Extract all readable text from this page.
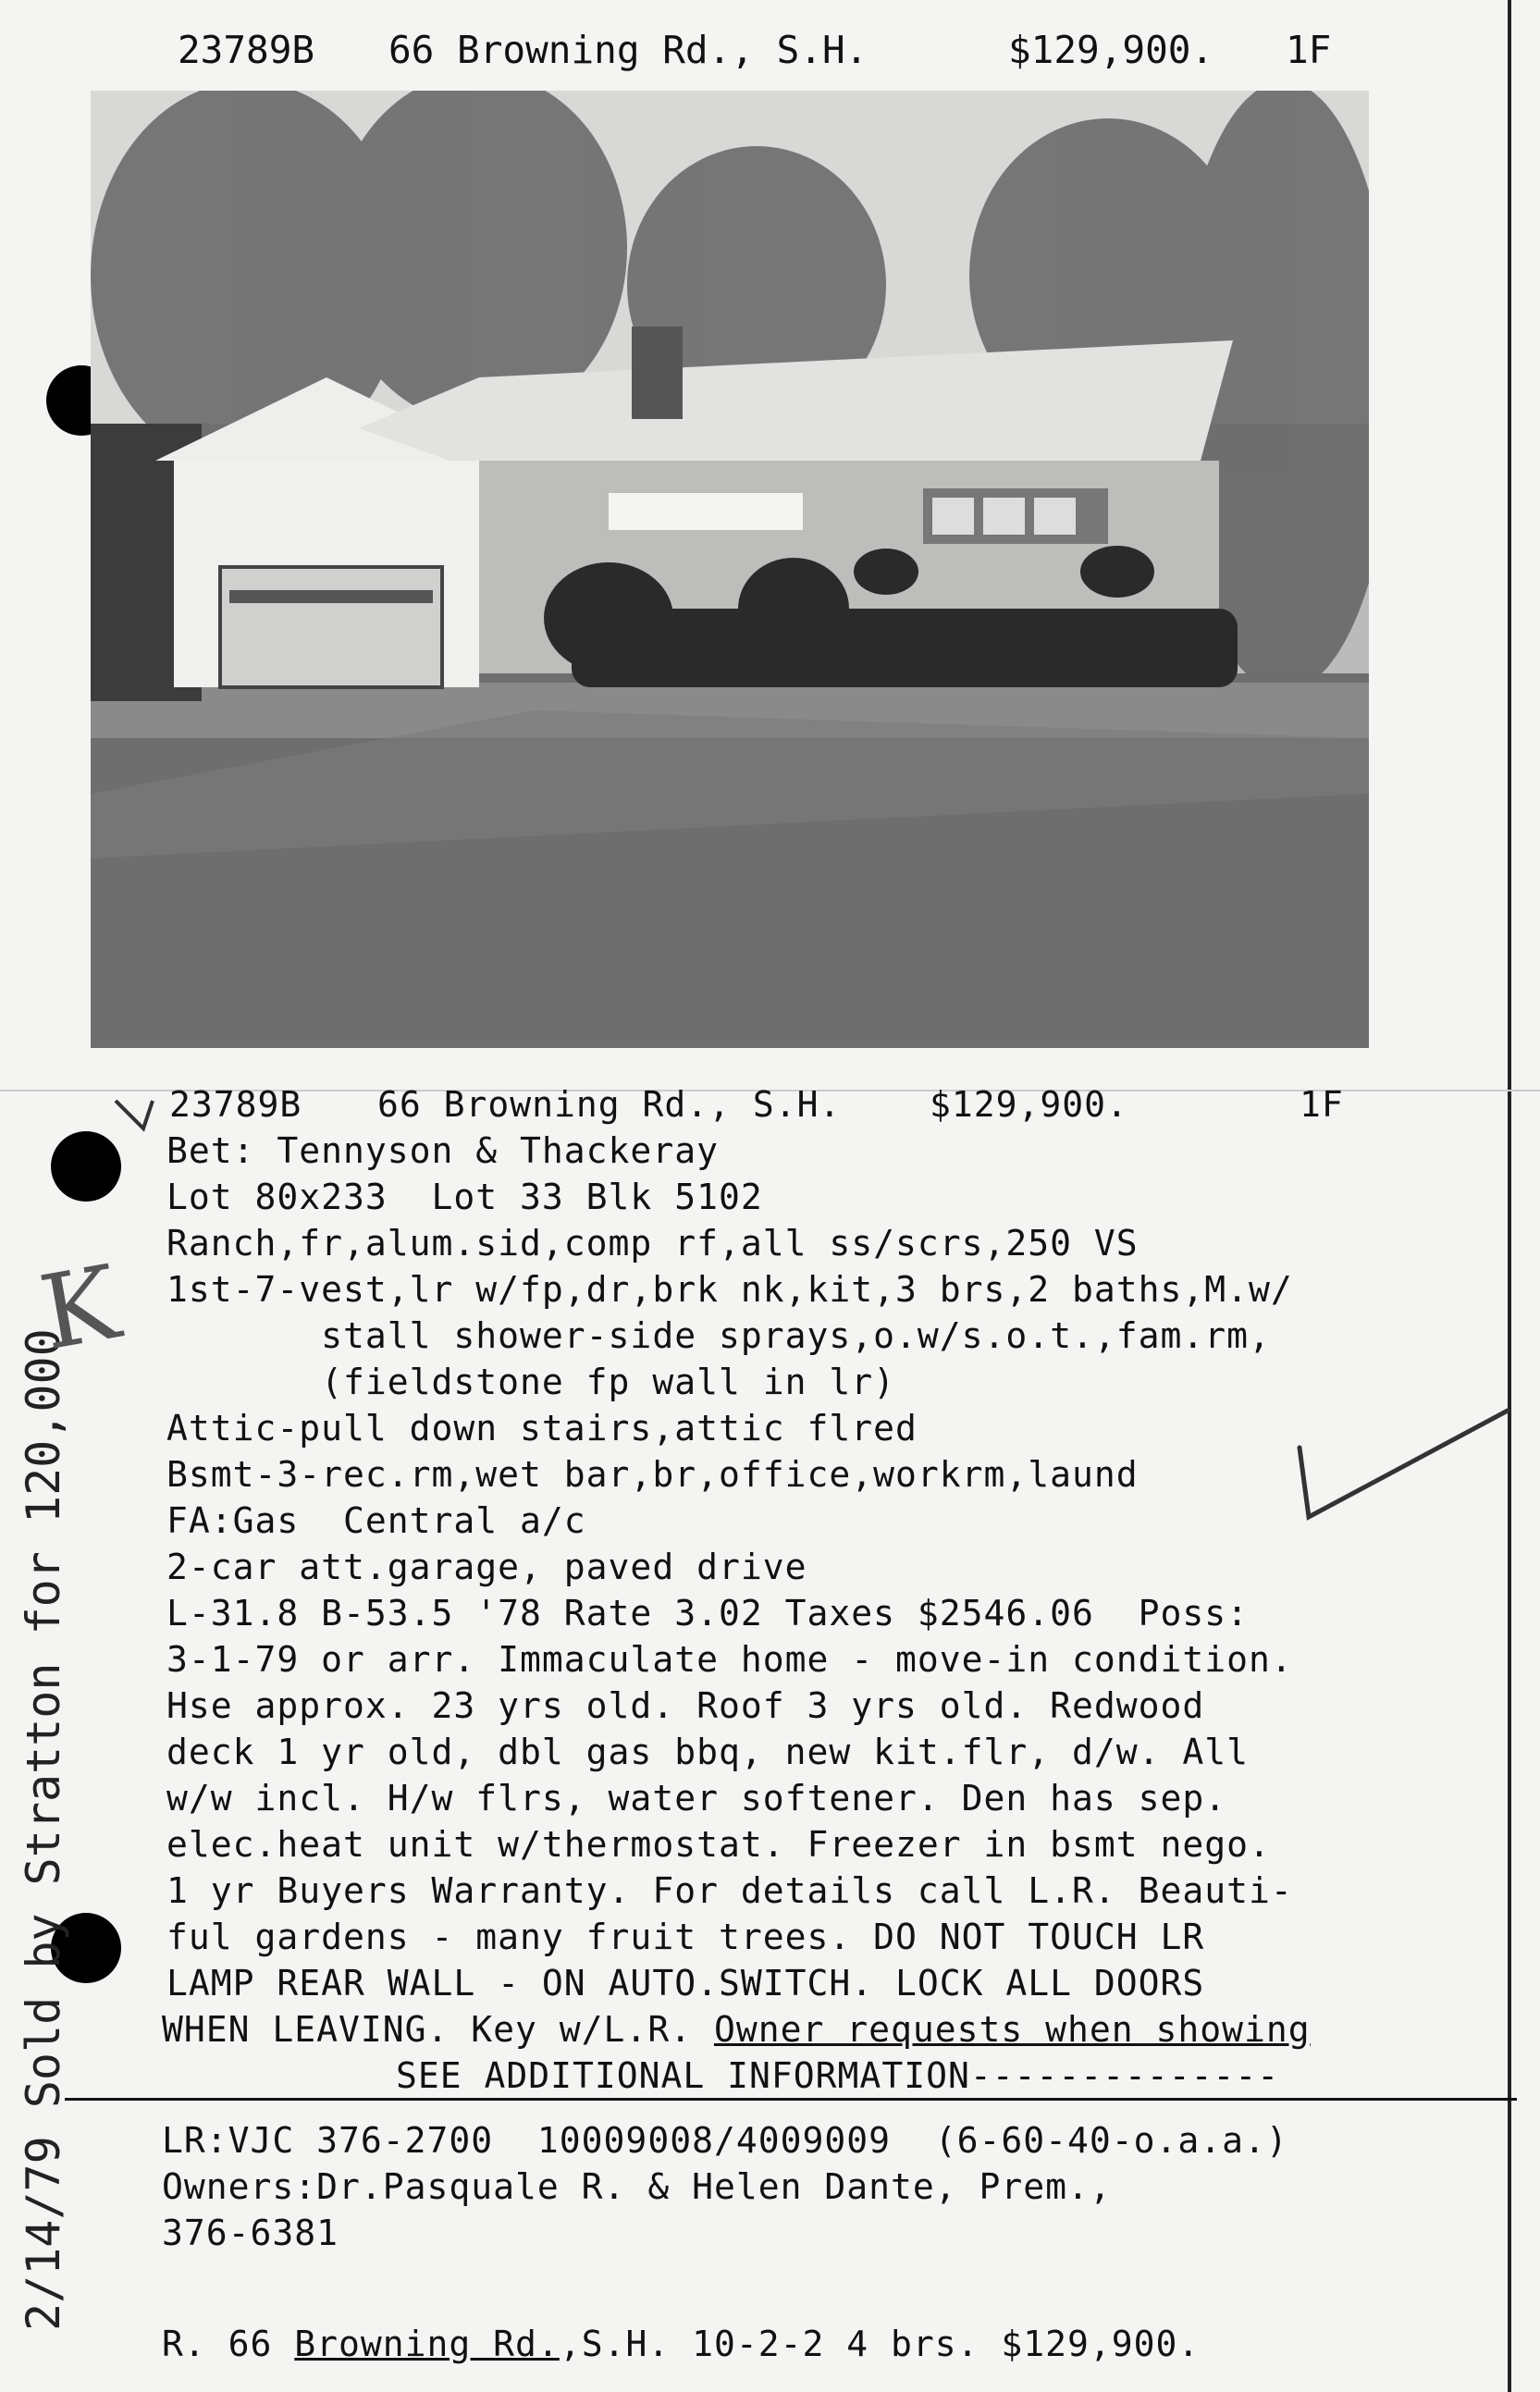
23789B 66 Browning Rd., S.H.	$129,900. 1F
23789B 66 Browning Rd., S.H.	$129,900.	1F
Bet: Tennyson & Thackeray
Lot 80x233  Lot 33 Blk 5102
Ranch,fr,alum.sid,comp rf,all ss/scrs,250 VS
1st-7-vest,lr w/fp,dr,brk nk,kit,3 brs,2 baths,M.w/
stall shower-side sprays,o.w/s.o.t.,fam.rm,
(fieldstone fp wall in lr)
Attic-pull down stairs,attic flred
Bsmt-3-rec.rm,wet bar,br,office,workrm,laund
FA:Gas  Central a/c
2-car att.garage, paved drive
L-31.8 B-53.5 '78 Rate 3.02 Taxes $2546.06  Poss:
3-1-79 or arr. Immaculate home - move-in condition.
Hse approx. 23 yrs old. Roof 3 yrs old. Redwood
deck 1 yr old, dbl gas bbq, new kit.flr, d/w. All
w/w incl. H/w flrs, water softener. Den has sep.
elec.heat unit w/thermostat. Freezer in bsmt nego.
1 yr Buyers Warranty. For details call L.R. Beauti-
ful gardens - many fruit trees. DO NOT TOUCH LR
LAMP REAR WALL - ON AUTO.SWITCH. LOCK ALL DOORS
WHEN LEAVING. Key w/L.R. Owner requests when showing
SEE ADDITIONAL INFORMATION--------------
LR:VJC 376-2700  10009008/4009009  (6-60-40-o.a.a.)
Owners:Dr.Pasquale R. & Helen Dante, Prem.,
376-6381
R. 66 Browning Rd.,S.H. 10-2-2 4 brs. $129,900.
2/14/79 Sold by Stratton for 120,000
K
